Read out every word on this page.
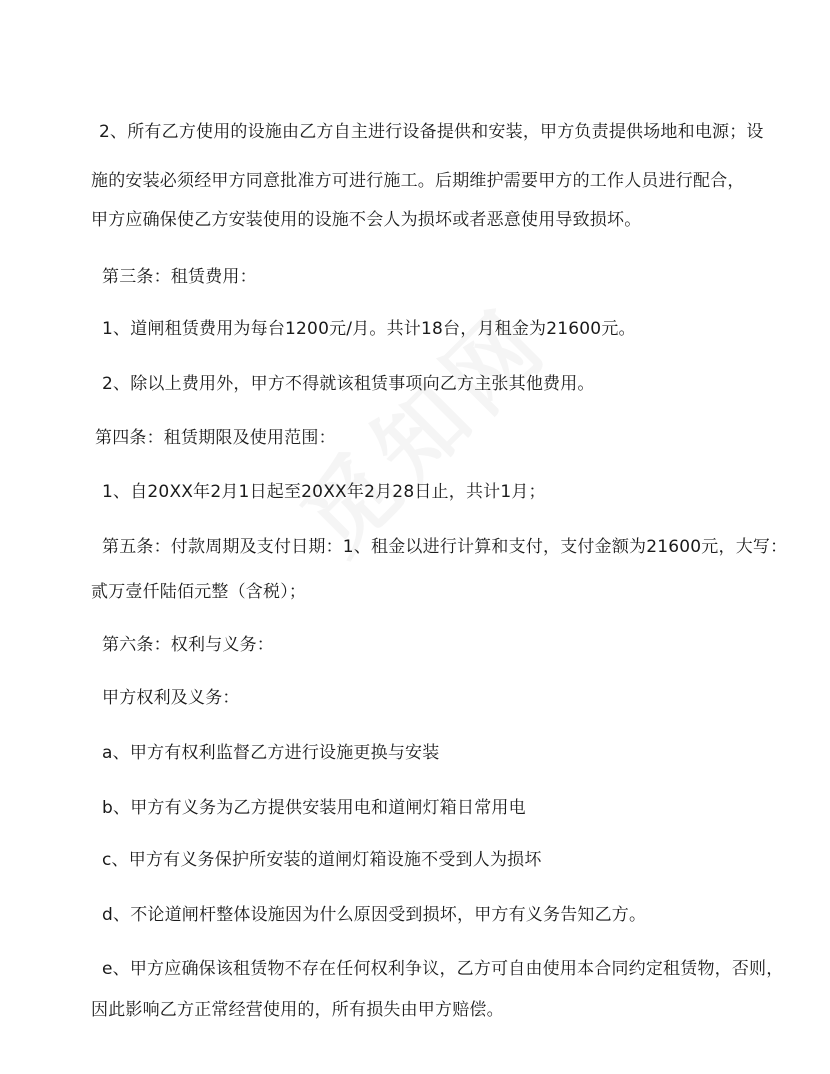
2、所有乙方使用的设施由乙方自主进行设备提供和安装，甲方负责提供场地和电源；设
施的安装必须经甲方同意批准方可进行施工。后期维护需要甲方的工作人员进行配合，
甲方应确保使乙方安装使用的设施不会人为损坏或者恶意使用导致损坏。
第三条：租赁费用：
1、道闸租赁费用为每台1200元/月。共计18台，月租金为21600元。
2、除以上费用外，甲方不得就该租赁事项向乙方主张其他费用。
第四条：租赁期限及使用范围：
1、自20XX年2月1日起至20XX年2月28日止，共计1月；
第五条：付款周期及支付日期：1、租金以进行计算和支付，支付金额为21600元，大写：
贰万壹仟陆佰元整（含税）；
第六条：权利与义务：
甲方权利及义务：
a、甲方有权利监督乙方进行设施更换与安装
b、甲方有义务为乙方提供安装用电和道闸灯箱日常用电
c、甲方有义务保护所安装的道闸灯箱设施不受到人为损坏
d、不论道闸杆整体设施因为什么原因受到损坏，甲方有义务告知乙方。
e、甲方应确保该租赁物不存在任何权利争议，乙方可自由使用本合同约定租赁物，否则，
因此影响乙方正常经营使用的，所有损失由甲方赔偿。
